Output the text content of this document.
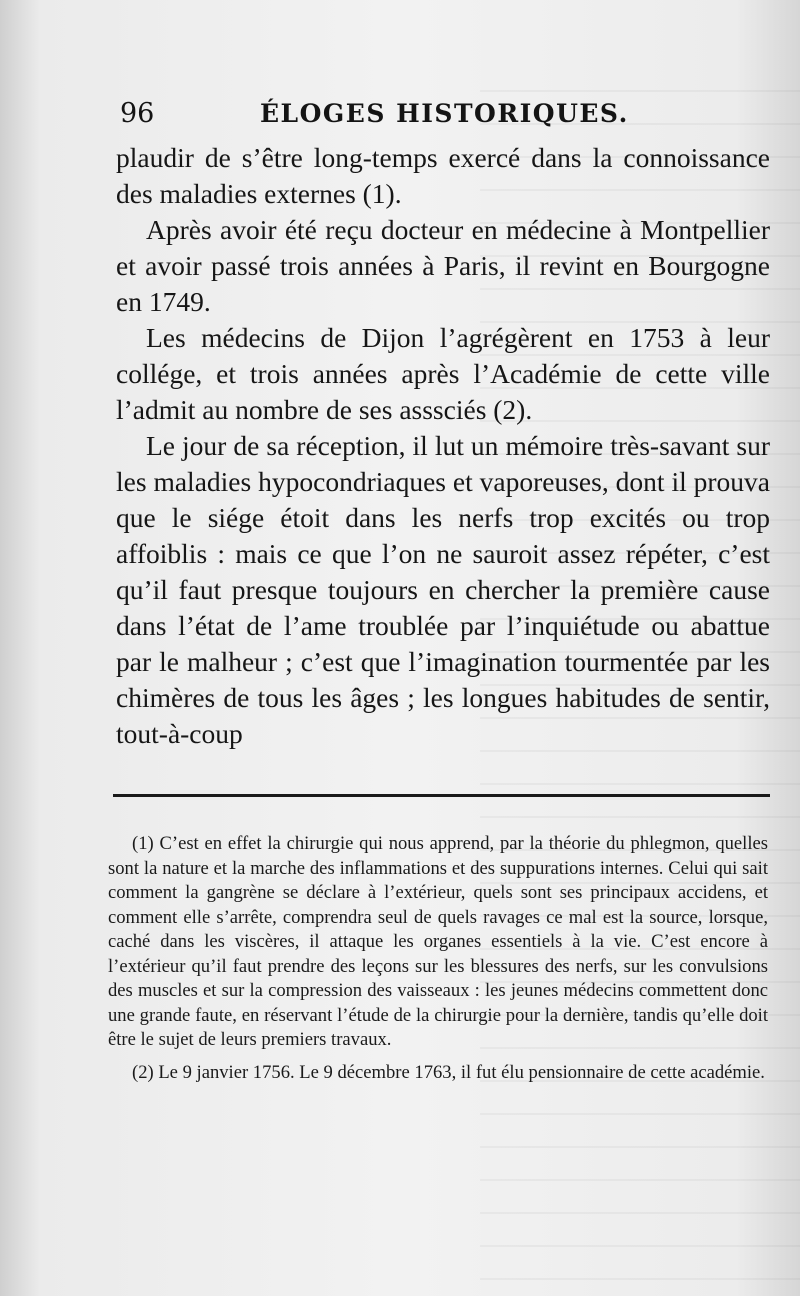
96	ÉLOGES HISTORIQUES.

plaudir de s’être long-temps exercé dans la connoissance des maladies externes (1).

Après avoir été reçu docteur en médecine à Montpellier et avoir passé trois années à Paris, il revint en Bourgogne en 1749.

Les médecins de Dijon l’agrégèrent en 1753 à leur collége, et trois années après l’Académie de cette ville l’admit au nombre de ses asssciés (2).

Le jour de sa réception, il lut un mémoire très-savant sur les maladies hypocondriaques et vaporeuses, dont il prouva que le siége étoit dans les nerfs trop excités ou trop affoiblis : mais ce que l’on ne sauroit assez répéter, c’est qu’il faut presque toujours en chercher la première cause dans l’état de l’ame troublée par l’inquiétude ou abattue par le malheur ; c’est que l’imagination tourmentée par les chimères de tous les âges ; les longues habitudes de sentir, tout-à-coup

(1) C’est en effet la chirurgie qui nous apprend, par la théorie du phlegmon, quelles sont la nature et la marche des inflammations et des suppurations internes. Celui qui sait comment la gangrène se déclare à l’extérieur, quels sont ses principaux accidens, et comment elle s’arrête, comprendra seul de quels ravages ce mal est la source, lorsque, caché dans les viscères, il attaque les organes essentiels à la vie. C’est encore à l’extérieur qu’il faut prendre des leçons sur les blessures des nerfs, sur les convulsions des muscles et sur la compression des vaisseaux : les jeunes médecins commettent donc une grande faute, en réservant l’étude de la chirurgie pour la dernière, tandis qu’elle doit être le sujet de leurs premiers travaux.

(2) Le 9 janvier 1756. Le 9 décembre 1763, il fut élu pensionnaire de cette académie.
